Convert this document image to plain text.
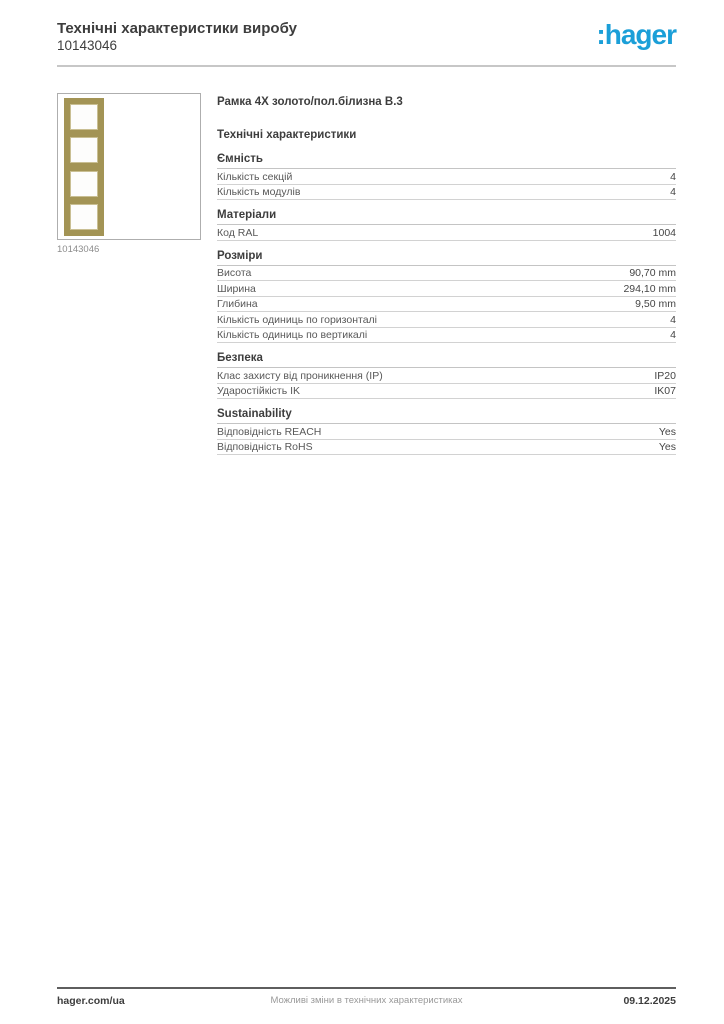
Технічні характеристики виробу
10143046	:hager
10143046
Рамка 4X золото/пол.білизна B.3
Технічні характеристики
Ємність
Кількість секцій	4
Кількість модулів	4
Матеріали
Код RAL	1004
Розміри
Висота	90,70 mm
Ширина	294,10 mm
Глибина	9,50 mm
Кількість одиниць по горизонталі	4
Кількість одиниць по вертикалі	4
Безпека
Клас захисту від проникнення (IP)	IP20
Ударостійкість IK	IK07
Sustainability
Відповідність REACH	Yes
Відповідність RoHS	Yes
hager.com/ua	Можливі зміни в технічних характеристиках	09.12.2025
